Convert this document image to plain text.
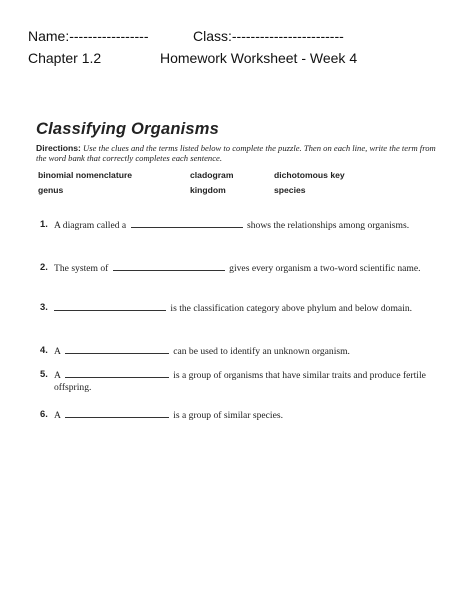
Name:-----------------	Class:------------------------
Chapter 1.2	Homework Worksheet - Week 4
Classifying Organisms
Directions: Use the clues and the terms listed below to complete the puzzle. Then on each line, write the term from the word bank that correctly completes each sentence.
binomial nomenclature	cladogram	dichotomous key
genus	kingdom	species
1. A diagram called a	shows the relationships among organisms.
2. The system of	gives every organism a two-word scientific name.
3.	is the classification category above phylum and below domain.
4. A	can be used to identify an unknown organism.
5. A	is a group of organisms that have similar traits and produce fertile offspring.
6. A	is a group of similar species.
